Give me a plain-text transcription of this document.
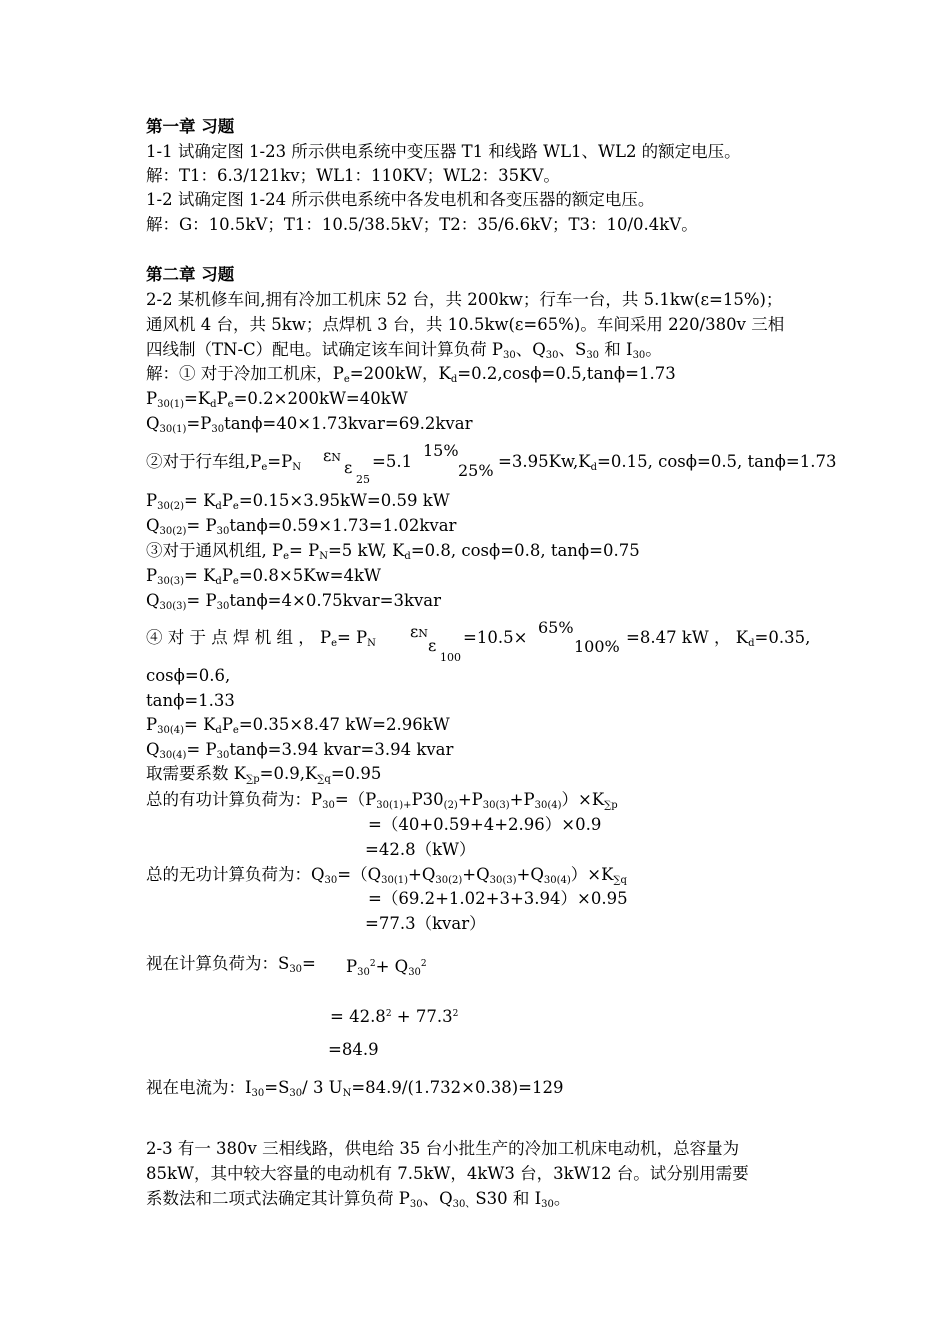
第一章 习题
1-1 试确定图 1-23 所示供电系统中变压器 T1 和线路 WL1、WL2 的额定电压。
解：T1：6.3/121kv；WL1：110KV；WL2：35KV。
1-2 试确定图 1-24 所示供电系统中各发电机和各变压器的额定电压。
解：G：10.5kV；T1：10.5/38.5kV；T2：35/6.6kV；T3：10/0.4kV。
第二章 习题
2-2 某机修车间,拥有冷加工机床 52 台，共 200kw；行车一台，共 5.1kw(ε=15%)；
通风机 4 台，共 5kw；点焊机 3 台，共 10.5kw(ε=65%)。车间采用 220/380v 三相
四线制（TN-C）配电。试确定该车间计算负荷 $P_{30}$、$Q_{30}$、$S_{30}$ 和 $I_{30}$。
解：① 对于冷加工机床，$P_e=200kW$，$K_d=0.2,\cos\phi=0.5,\tan\phi=1.73$
$P_{30(1)}=K_dP_e=0.2\times 200kW=40kW$
$Q_{30(1)}=P_{30}\tan\phi=40\times 1.73kvar=69.2kvar$
②对于行车组$,P_e=P_N$
εN
ε
25
=5.1
15%
$25\% =3.95Kw,K_d=0.15$, cosϕ=0.5, tanϕ=1.73
$P_{30(2)}= K_dP_e=0.15\times 3.95kW=0.59$ kW
$Q_{30(2)}=$ $P_{30}\tan\phi=0.59\times 1.73=1.02kvar$
③对于通风机组, $P_e= P_N=5$ kW, $K_d=0.8$, cosϕ=0.8, tanϕ=0.75
$P_{30(3)}= K_dP_e=0.8\times 5Kw=4kW$
$Q_{30(3)}=$ $P_{30}\tan\phi=4\times 0.75kvar=3kvar$
④ 对 于 点 焊 机 组 ， $P_e= P_N$
εN
ε
100
=10.5×
65%
100% =8.47 kW ， $K_d=0.35$,
cosϕ=0.6,
tanϕ=1.33
$P_{30(4)}= K_dP_e=0.35\times 8.47$ kW=2.96kW
$Q_{30(4)}= P_{30}\tan\phi=3.94$ kvar=3.94 kvar
取需要系数 $K_{\sum p}=0.9,K_{\sum q}=0.95$
总的有功计算负荷为：$P_{30}=(P_{30(1)+}P30_{(2)}+P_{30(3)}+P_{30(4)})\times K_{\sum p}$
=（40+0.59+4+2.96）×0.9
=42.8（kW）
总的无功计算负荷为：$Q_{30}=(Q_{30(1)}+Q_{30(2)}+Q_{30(3)}+Q_{30(4)})\times K_{\sum q}$
=（69.2+1.02+3+3.94）×0.95
=77.3（kvar）
视在计算负荷为：$S_{30}= P_{30}^2+ Q_{30}^2$
= $42.8^2 + 77.3^2$
=84.9
视在电流为：$I_{30}=S_{30}/$ 3 $U_N=84.9/(1.732\times 0.38)=129$
2-3 有一 380v 三相线路，供电给 35 台小批生产的冷加工机床电动机，总容量为
85kW，其中较大容量的电动机有 7.5kW，4kW3 台，3kW12 台。试分别用需要
系数法和二项式法确定其计算负荷 $P_{30}$、$Q_{30、}S30$ 和 $I_{30}$。
